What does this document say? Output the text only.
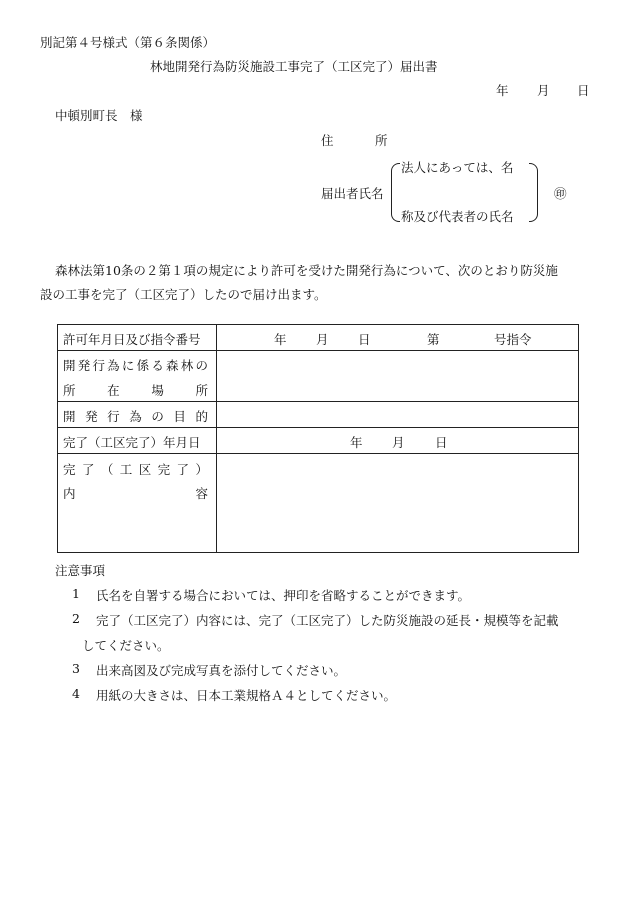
別記第４号様式（第６条関係）
林地開発行為防災施設工事完了（工区完了）届出書
年 月 日
中頓別町長　様
住	所
届出者氏名
法人にあっては、名
称及び代表者の氏名
㊞
森林法第10条の２第１項の規定により許可を受けた開発行為について、次のとおり防災施
設の工事を完了（工区完了）したので届け出ます。
許可年月日及び指令番号	年 月 日	第	号指令
開 発 行 為 に 係 る 森 林 の
所	在	場	所
開 発 行 為 の 目 的
完了（工区完了）年月日	年 月 日
完 了 （ 工 区 完 了 ）
内	容
注意事項
1 氏名を自署する場合においては、押印を省略することができます。
2 完了（工区完了）内容には、完了（工区完了）した防災施設の延長・規模等を記載
してください。
3 出来高図及び完成写真を添付してください。
4 用紙の大きさは、日本工業規格Ａ４としてください。
